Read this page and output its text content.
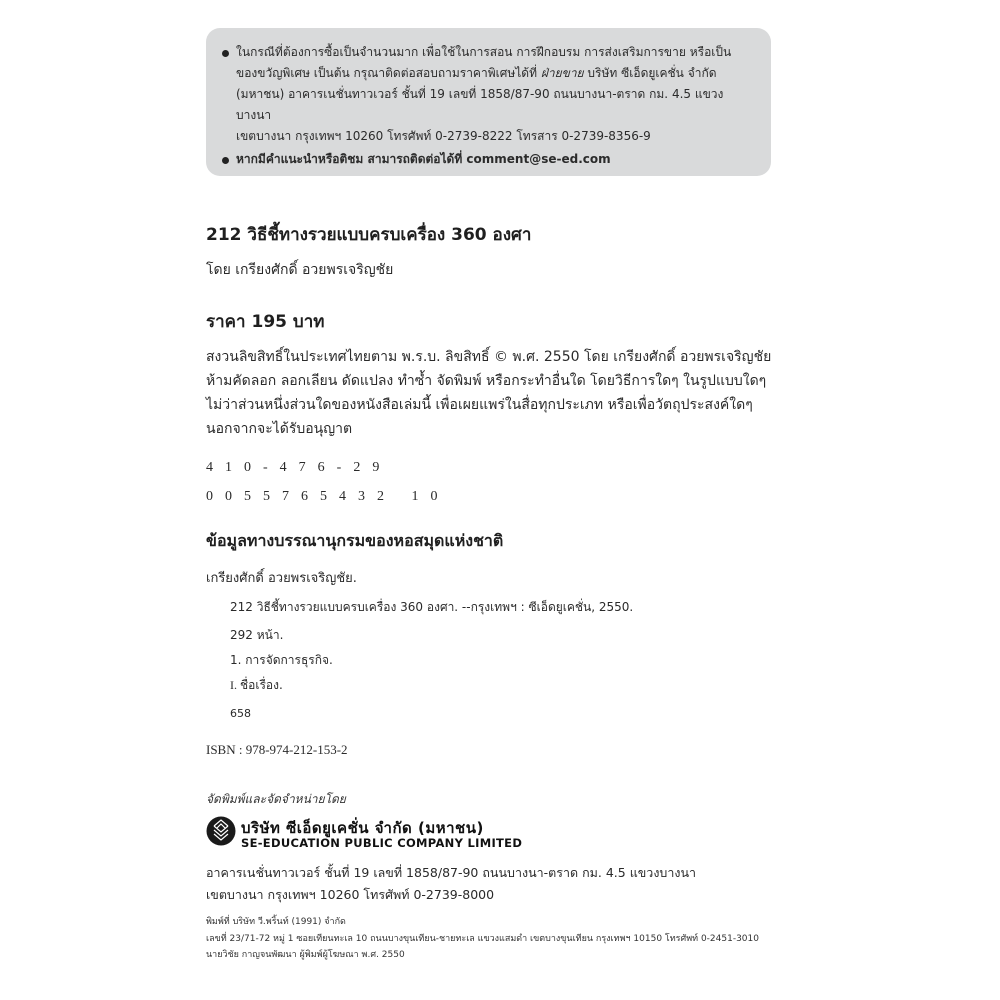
ในกรณีที่ต้องการซื้อเป็นจำนวนมาก เพื่อใช้ในการสอน การฝึกอบรม การส่งเสริมการขาย หรือเป็น
ของขวัญพิเศษ เป็นต้น กรุณาติดต่อสอบถามราคาพิเศษได้ที่ ฝ่ายขาย บริษัท ซีเอ็ดยูเคชั่น จำกัด
(มหาชน) อาคารเนชั่นทาวเวอร์ ชั้นที่ 19 เลขที่ 1858/87-90 ถนนบางนา-ตราด กม. 4.5 แขวงบางนา
เขตบางนา กรุงเทพฯ 10260 โทรศัพท์ 0-2739-8222 โทรสาร 0-2739-8356-9
หากมีคำแนะนำหรือติชม สามารถติดต่อได้ที่ comment@se-ed.com
212 วิธีชี้ทางรวยแบบครบเครื่อง 360 องศา
โดย เกรียงศักดิ์ อวยพรเจริญชัย
ราคา 195 บาท
สงวนลิขสิทธิ์ในประเทศไทยตาม พ.ร.บ. ลิขสิทธิ์ © พ.ศ. 2550 โดย เกรียงศักดิ์ อวยพรเจริญชัย
ห้ามคัดลอก ลอกเลียน ดัดแปลง ทำซ้ำ จัดพิมพ์ หรือกระทำอื่นใด โดยวิธีการใดๆ ในรูปแบบใดๆ
ไม่ว่าส่วนหนึ่งส่วนใดของหนังสือเล่มนี้ เพื่อเผยแพร่ในสื่อทุกประเภท หรือเพื่อวัตถุประสงค์ใดๆ
นอกจากจะได้รับอนุญาต
410-476-29
0055765432 10
ข้อมูลทางบรรณานุกรมของหอสมุดแห่งชาติ
เกรียงศักดิ์ อวยพรเจริญชัย.
212 วิธีชี้ทางรวยแบบครบเครื่อง 360 องศา. --กรุงเทพฯ : ซีเอ็ดยูเคชั่น, 2550.
292 หน้า.
1. การจัดการธุรกิจ.
I. ชื่อเรื่อง.
658
ISBN : 978-974-212-153-2
จัดพิมพ์และจัดจำหน่ายโดย
บริษัท ซีเอ็ดยูเคชั่น จำกัด (มหาชน)
SE-EDUCATION PUBLIC COMPANY LIMITED
อาคารเนชั่นทาวเวอร์ ชั้นที่ 19 เลขที่ 1858/87-90 ถนนบางนา-ตราด กม. 4.5 แขวงบางนา
เขตบางนา กรุงเทพฯ 10260 โทรศัพท์ 0-2739-8000
พิมพ์ที่ บริษัท วี.พริ้นท์ (1991) จำกัด
เลขที่ 23/71-72 หมู่ 1 ซอยเทียนทะเล 10 ถนนบางขุนเทียน-ชายทะเล แขวงแสมดำ เขตบางขุนเทียน กรุงเทพฯ 10150 โทรศัพท์ 0-2451-3010
นายวิชัย กาญจนพัฒนา ผู้พิมพ์ผู้โฆษณา พ.ศ. 2550
